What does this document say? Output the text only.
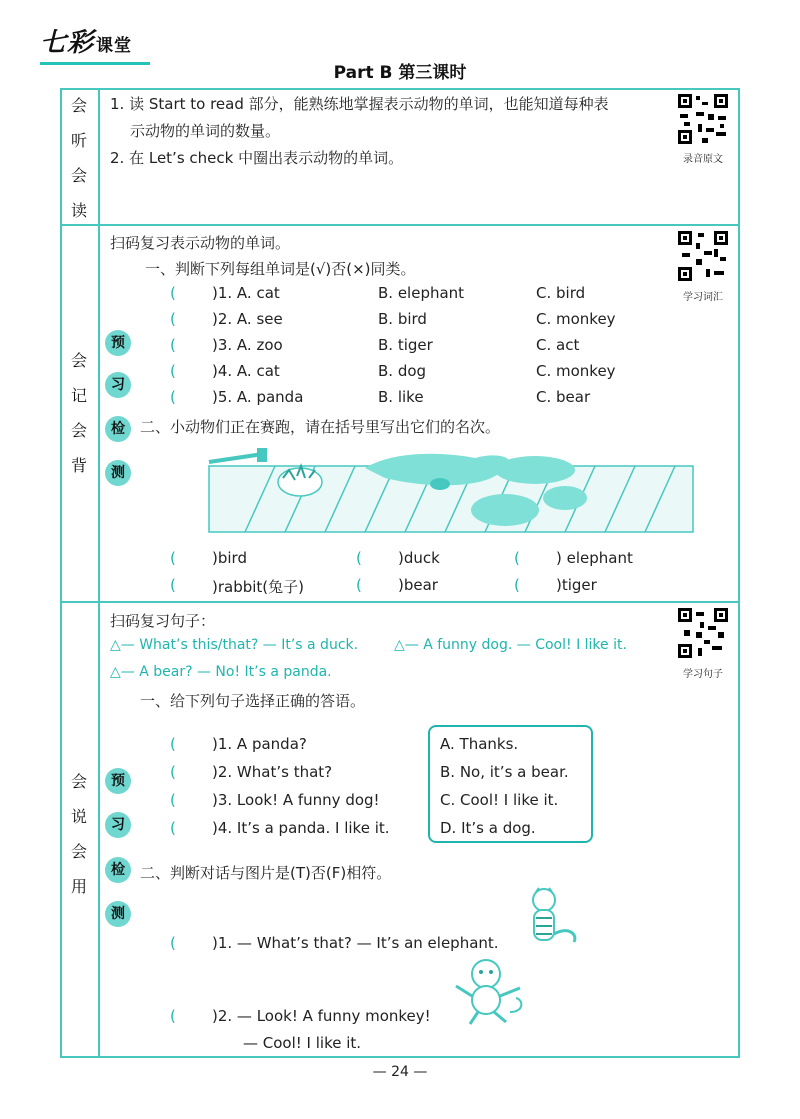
七彩 课堂
Part B 第三课时
会
听
会
读
1. 读 Start to read 部分，能熟练地掌握表示动物的单词，也能知道每种表
示动物的单词的数量。
2. 在 Let’s check 中圈出表示动物的单词。	录音原文
会
记
会
背
预
习
检
测
扫码复习表示动物的单词。
一、判断下列每组单词是(√)否(×)同类。
学习词汇
( )1. A. cat	B. elephant	C. bird
( )2. A. see	B. bird	C. monkey
( )3. A. zoo	B. tiger	C. act
( )4. A. cat	B. dog	C. monkey
( )5. A. panda	B. like	C. bear
二、小动物们正在赛跑，请在括号里写出它们的名次。
( )bird	( )duck	( ) elephant
( )rabbit(兔子)	( )bear	( )tiger
会
说
会
用
预
习
检
测
扫码复习句子：
△— What’s this/that? — It’s a duck.	△— A funny dog. — Cool! I like it.
△— A bear? — No! It’s a panda.	学习句子
一、给下列句子选择正确的答语。
( )1. A panda?
( )2. What’s that?
( )3. Look! A funny dog!
( )4. It’s a panda. I like it.
A. Thanks.
B. No, it’s a bear.
C. Cool! I like it.
D. It’s a dog.
二、判断对话与图片是(T)否(F)相符。
( )1. — What’s that? — It’s an elephant.
( )2. — Look! A funny monkey!
— Cool! I like it.
— 24 —
